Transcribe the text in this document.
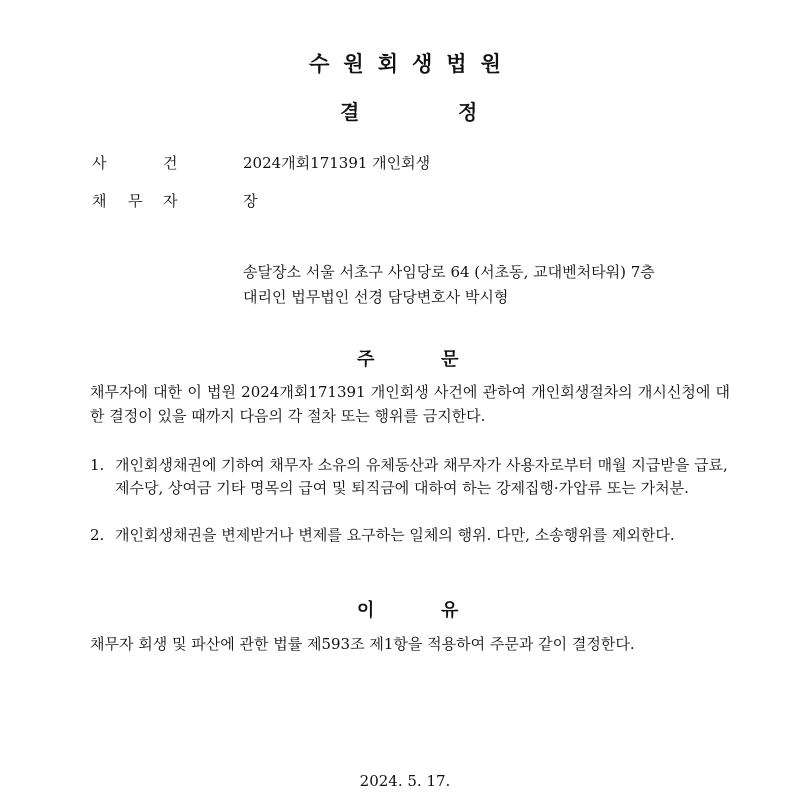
수원회생법원
결	정
사	건	2024개회171391 개인회생
채 무 자	장
송달장소 서울 서초구 사임당로 64 (서초동, 교대벤처타워) 7층
대리인 법무법인 선경 담당변호사 박시형
주	문
채무자에 대한 이 법원 2024개회171391 개인회생 사건에 관하여 개인회생절차의 개시신청에 대한 결정이 있을 때까지 다음의 각 절차 또는 행위를 금지한다.
1. 개인회생채권에 기하여 채무자 소유의 유체동산과 채무자가 사용자로부터 매월 지급받을 급료, 제수당, 상여금 기타 명목의 급여 및 퇴직금에 대하여 하는 강제집행·가압류 또는 가처분.
2. 개인회생채권을 변제받거나 변제를 요구하는 일체의 행위. 다만, 소송행위를 제외한다.
이	유
채무자 회생 및 파산에 관한 법률 제593조 제1항을 적용하여 주문과 같이 결정한다.
2024. 5. 17.
